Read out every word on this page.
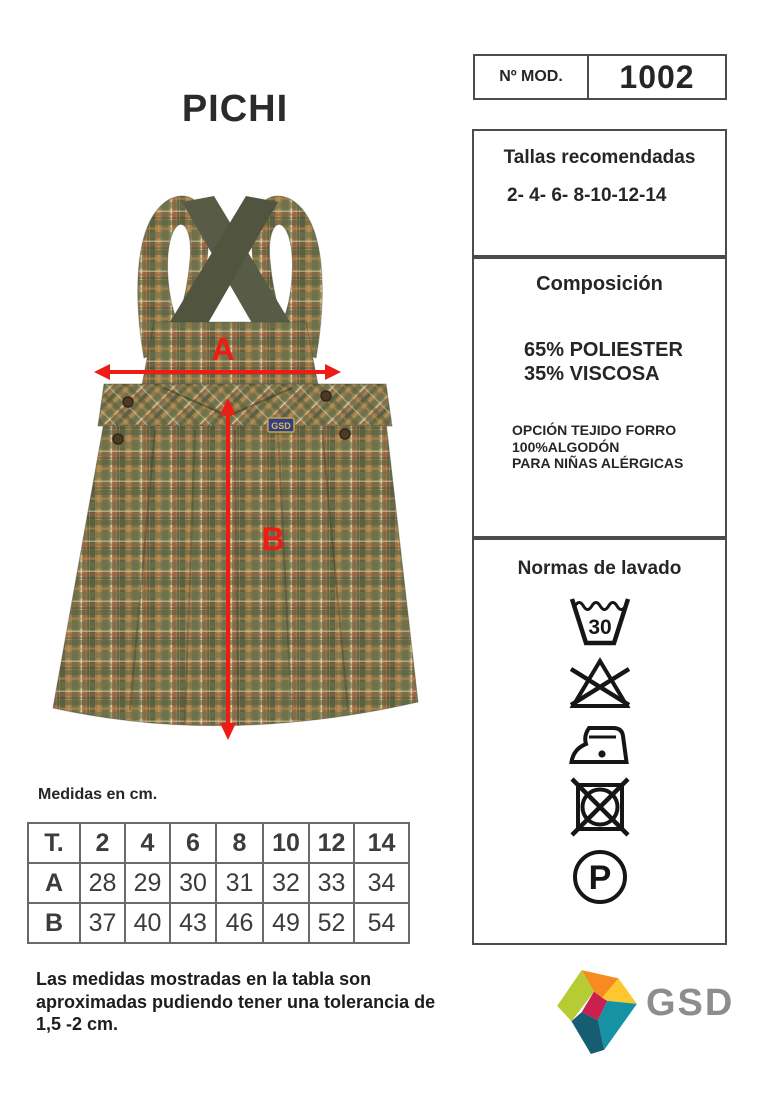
PICHI
Nº MOD.	1002
Tallas recomendadas
2- 4- 6- 8-10-12-14
Composición
65% POLIESTER
35% VISCOSA
OPCIÓN TEJIDO FORRO
100%ALGODÓN
PARA NIÑAS ALÉRGICAS
Normas de lavado
30
P
GSD
A
B
Medidas en cm.
T.	2	4	6	8	10	12	14
A	28	29	30	31	32	33	34
B	37	40	43	46	49	52	54
Las medidas mostradas en la tabla son
aproximadas pudiendo tener una tolerancia de
1,5 -2 cm.	GSD
